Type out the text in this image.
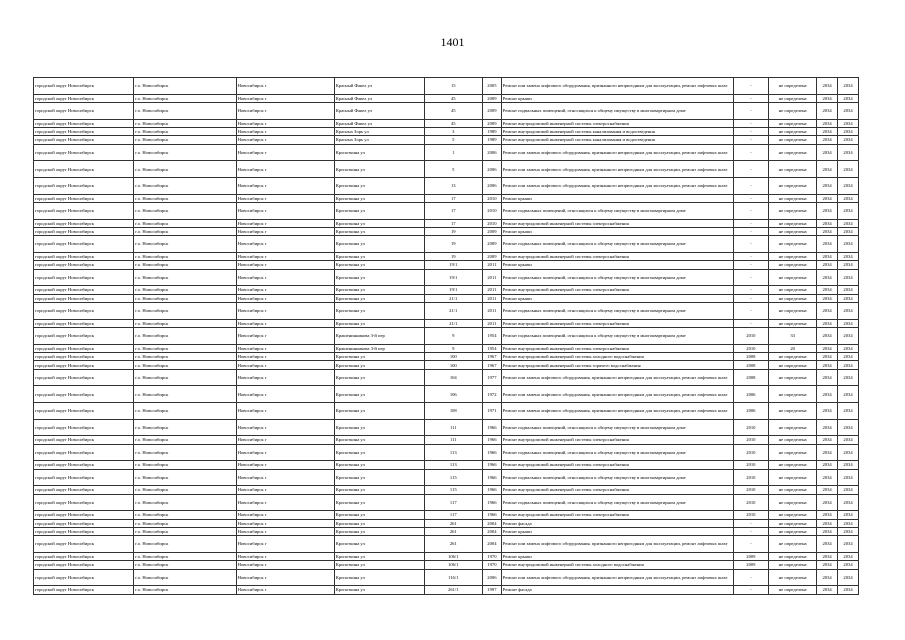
1401
городской округ Новосибирск	г.о. Новосибирск	Новосибирск г	Красный Факел ул	15	2005	Ремонт или замена лифтового оборудования, признанного непригодным для эксплуатации, ремонт лифтовых шахт	-	не определена	2034	2034
городской округ Новосибирск	г.о. Новосибирск	Новосибирск г	Красный Факел ул	45	2009	Ремонт крыши	-	не определена	2034	2034
городской округ Новосибирск	г.о. Новосибирск	Новосибирск г	Красный Факел ул	45	2009	Ремонт подвальных помещений, относящихся к общему имуществу в многоквартирном доме	-	не определена	2034	2034
городской округ Новосибирск	г.о. Новосибирск	Новосибирск г	Красный Факел ул	45	2009	Ремонт внутридомовой инженерной системы электроснабжения	-	не определена	2034	2034
городской округ Новосибирск	г.о. Новосибирск	Новосибирск г	Красных Зорь ул	3	1989	Ремонт внутридомовой инженерной системы канализования и водоотведения	-	не определена	2034	2034
городской округ Новосибирск	г.о. Новосибирск	Новосибирск г	Красных Зорь ул	5	1989	Ремонт внутридомовой инженерной системы канализования и водоотведения	-	не определена	2034	2034
городской округ Новосибирск	г.о. Новосибирск	Новосибирск г	Кропоткина ул	1	2006	Ремонт или замена лифтового оборудования, признанного непригодным для эксплуатации, ремонт лифтовых шахт	-	не определена	2034	2034
городской округ Новосибирск	г.о. Новосибирск	Новосибирск г	Кропоткина ул	5	2006	Ремонт или замена лифтового оборудования, признанного непригодным для эксплуатации, ремонт лифтовых шахт	-	не определена	2034	2034
городской округ Новосибирск	г.о. Новосибирск	Новосибирск г	Кропоткина ул	13	2006	Ремонт или замена лифтового оборудования, признанного непригодным для эксплуатации, ремонт лифтовых шахт	-	не определена	2034	2034
городской округ Новосибирск	г.о. Новосибирск	Новосибирск г	Кропоткина ул	17	2010	Ремонт крыши	-	не определена	2034	2034
городской округ Новосибирск	г.о. Новосибирск	Новосибирск г	Кропоткина ул	17	2010	Ремонт подвальных помещений, относящихся к общему имуществу в многоквартирном доме	-	не определена	2034	2034
городской округ Новосибирск	г.о. Новосибирск	Новосибирск г	Кропоткина ул	17	2010	Ремонт внутридомовой инженерной системы электроснабжения	-	не определена	2034	2034
городской округ Новосибирск	г.о. Новосибирск	Новосибирск г	Кропоткина ул	19	2009	Ремонт крыши	-	не определена	2034	2034
городской округ Новосибирск	г.о. Новосибирск	Новосибирск г	Кропоткина ул	19	2009	Ремонт подвальных помещений, относящихся к общему имуществу в многоквартирном доме	-	не определена	2034	2034
городской округ Новосибирск	г.о. Новосибирск	Новосибирск г	Кропоткина ул	19	2009	Ремонт внутридомовой инженерной системы электроснабжения	-	не определена	2034	2034
городской округ Новосибирск	г.о. Новосибирск	Новосибирск г	Кропоткина ул	19/1	2011	Ремонт крыши	-	не определена	2034	2034
городской округ Новосибирск	г.о. Новосибирск	Новосибирск г	Кропоткина ул	19/1	2011	Ремонт подвальных помещений, относящихся к общему имуществу в многоквартирном доме	-	не определена	2034	2034
городской округ Новосибирск	г.о. Новосибирск	Новосибирск г	Кропоткина ул	19/1	2011	Ремонт внутридомовой инженерной системы электроснабжения	-	не определена	2034	2034
городской округ Новосибирск	г.о. Новосибирск	Новосибирск г	Кропоткина ул	21/1	2011	Ремонт крыши	-	не определена	2034	2034
городской округ Новосибирск	г.о. Новосибирск	Новосибирск г	Кропоткина ул	21/1	2011	Ремонт подвальных помещений, относящихся к общему имуществу в многоквартирном доме	-	не определена	2034	2034
городской округ Новосибирск	г.о. Новосибирск	Новосибирск г	Кропоткина ул	21/1	2011	Ремонт внутридомовой инженерной системы электроснабжения	-	не определена	2034	2034
городской округ Новосибирск	г.о. Новосибирск	Новосибирск г	Крашенинникова 3-й пер	9	1954	Ремонт подвальных помещений, относящихся к общему имуществу в многоквартирном доме	2010	33	2034	2034
городской округ Новосибирск	г.о. Новосибирск	Новосибирск г	Крашенинникова 3-й пер	9	1954	Ремонт внутридомовой инженерной системы электроснабжения	2010	20	2034	2034
городской округ Новосибирск	г.о. Новосибирск	Новосибирск г	Кропоткина ул	100	1967	Ремонт внутридомовой инженерной системы холодного водоснабжения	2008	не определена	2034	2034
городской округ Новосибирск	г.о. Новосибирск	Новосибирск г	Кропоткина ул	100	1967	Ремонт внутридомовой инженерной системы горячего водоснабжения	2008	не определена	2034	2034
городской округ Новосибирск	г.о. Новосибирск	Новосибирск г	Кропоткина ул	104	1977	Ремонт или замена лифтового оборудования, признанного непригодным для эксплуатации, ремонт лифтовых шахт	2008	не определена	2034	2034
городской округ Новосибирск	г.о. Новосибирск	Новосибирск г	Кропоткина ул	106	1972	Ремонт или замена лифтового оборудования, признанного непригодным для эксплуатации, ремонт лифтовых шахт	2006	не определена	2034	2034
городской округ Новосибирск	г.о. Новосибирск	Новосибирск г	Кропоткина ул	108	1971	Ремонт или замена лифтового оборудования, признанного непригодным для эксплуатации, ремонт лифтовых шахт	2006	не определена	2034	2034
городской округ Новосибирск	г.о. Новосибирск	Новосибирск г	Кропоткина ул	111	1966	Ремонт подвальных помещений, относящихся к общему имуществу в многоквартирном доме	2010	не определена	2034	2034
городской округ Новосибирск	г.о. Новосибирск	Новосибирск г	Кропоткина ул	111	1966	Ремонт внутридомовой инженерной системы электроснабжения	2010	не определена	2034	2034
городской округ Новосибирск	г.о. Новосибирск	Новосибирск г	Кропоткина ул	113	1966	Ремонт подвальных помещений, относящихся к общему имуществу в многоквартирном доме	2010	не определена	2034	2034
городской округ Новосибирск	г.о. Новосибирск	Новосибирск г	Кропоткина ул	113	1966	Ремонт внутридомовой инженерной системы электроснабжения	2010	не определена	2034	2034
городской округ Новосибирск	г.о. Новосибирск	Новосибирск г	Кропоткина ул	115	1966	Ремонт подвальных помещений, относящихся к общему имуществу в многоквартирном доме	2010	не определена	2034	2034
городской округ Новосибирск	г.о. Новосибирск	Новосибирск г	Кропоткина ул	115	1966	Ремонт внутридомовой инженерной системы электроснабжения	2010	не определена	2034	2034
городской округ Новосибирск	г.о. Новосибирск	Новосибирск г	Кропоткина ул	117	1966	Ремонт подвальных помещений, относящихся к общему имуществу в многоквартирном доме	2010	не определена	2034	2034
городской округ Новосибирск	г.о. Новосибирск	Новосибирск г	Кропоткина ул	117	1966	Ремонт внутридомовой инженерной системы электроснабжения	2010	не определена	2034	2034
городской округ Новосибирск	г.о. Новосибирск	Новосибирск г	Кропоткина ул	261	2004	Ремонт фасада	-	не определена	2034	2034
городской округ Новосибирск	г.о. Новосибирск	Новосибирск г	Кропоткина ул	261	2004	Ремонт крыши	-	не определена	2034	2034
городской округ Новосибирск	г.о. Новосибирск	Новосибирск г	Кропоткина ул	261	2004	Ремонт или замена лифтового оборудования, признанного непригодным для эксплуатации, ремонт лифтовых шахт	-	не определена	2034	2034
городской округ Новосибирск	г.о. Новосибирск	Новосибирск г	Кропоткина ул	106/1	1970	Ремонт крыши	2009	не определена	2034	2034
городской округ Новосибирск	г.о. Новосибирск	Новосибирск г	Кропоткина ул	106/1	1970	Ремонт внутридомовой инженерной системы холодного водоснабжения	2009	не определена	2034	2034
городской округ Новосибирск	г.о. Новосибирск	Новосибирск г	Кропоткина ул	116/1	2006	Ремонт или замена лифтового оборудования, признанного непригодным для эксплуатации, ремонт лифтовых шахт	-	не определена	2034	2034
городской округ Новосибирск	г.о. Новосибирск	Новосибирск г	Кропоткина ул	261/1	1997	Ремонт фасада	-	не определена	2034	2034
